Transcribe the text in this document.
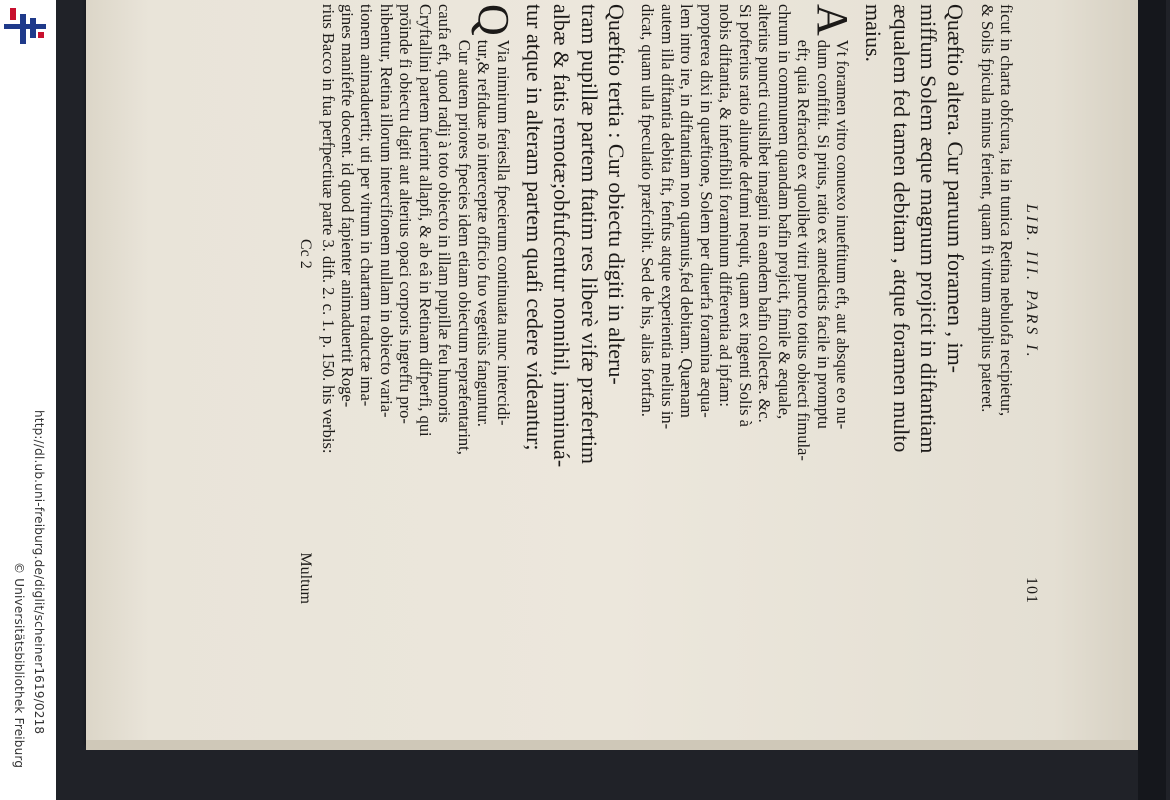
http://dl.ub.uni-freiburg.de/diglit/scheiner1619/0218
© Universitätsbibliothek Freiburg
LIB. III. PARS I.
101
ficut in charta obfcura, ita in tunica Retina nebulofa recipietur,
& Solis fpicula minus ferient, quam fi vitrum amplius pateret.
Quæftio altera. Cur paruum foramen , im-
miffum Solem æque magnum projicit in diftantiam
æqualem fed tamen debitam , atque foramen multo
maius.
A
Vt foramen vitro conuexo inueftitum eft, aut absque eo nu-
dum confiftit. Si prius, ratio ex antedictis facile in promptu
eft; quia Refractio ex quolibet vitri puncto totius obiecti fimula-
chrum in communem quandam bafin projicit, fimile & æquale,
alterius puncti cuiuslibet imagini in eandem bafin collectæ. &c.
Si pofterius ratio aliunde defumi nequit, quam ex ingenti Solis à
nobis diftantia, & infenfibili foraminum differentia ad ipfam:
propterea dixi in quæftione, Solem per diuerfa foramina æqua-
lem intro ire, in diftantiam non quamuis,fed debitam. Quænam
autem illa diftantia debita fit, fenfus atque experientia melius in-
dicat, quam ulla fpeculatio præfcribit. Sed de his, alias fortfan.
Quæftio tertia : Cur obiectu digiti in alteru-
tram pupillæ partem ftatim res liberè vifæ præfertim
albæ & fatis remotæ;obfufcentur nonnihil, imminuá-
tur atque in alteram partem quafi cedere videantur;
Q
Via nimirum ferieslla fpecierum continuata nunc intercidi-
tur,& refiduæ nō interceptæ officio fuo vegetiùs fanguntur.
Cur autem priores fpecies idem etiam obiectum repræfentarint,
caufa eft, quod radij à toto obiecto in illam pupillæ feu humoris
Cryftallini partem fuerint allapfi, & ab eâ in Retinam difperfi, qui
prōinde fi obiectu digiti aut alterius opaci corporis ingreffu pro-
hibentur, Retina illorum intercifionem nullam in obiecto varia-
tionem animaduertit; uti per vitrum in chartam traductæ ima-
gines manifefte docent. id quod fapienter animaduertit Roge-
rius Bacco in fua perfpectiuæ parte 3. dift. 2. c. 1. p. 150. his verbis:
Cc 2
Multum
